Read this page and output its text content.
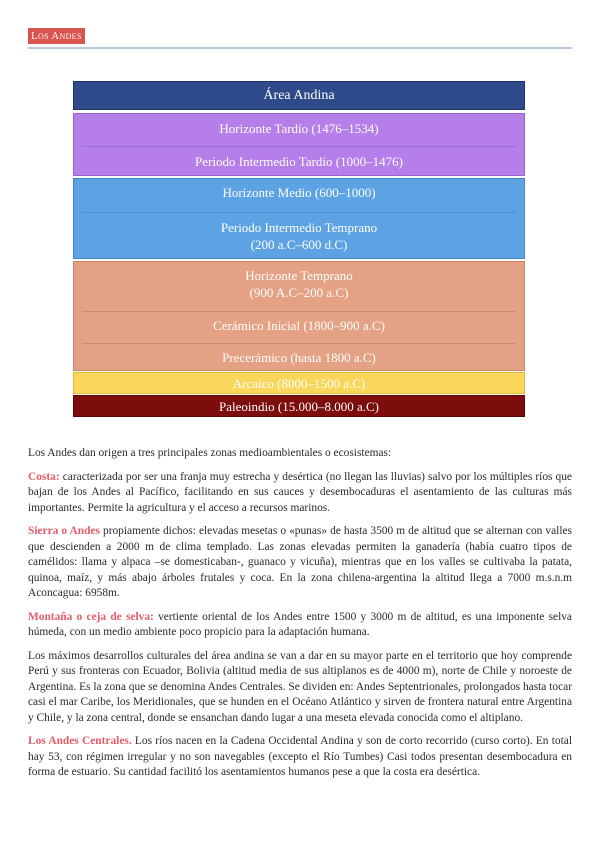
Los Andes
Área Andina
Horizonte Tardío (1476–1534)
Periodo Intermedio Tardío (1000–1476)
Horizonte Medio (600–1000)
Periodo Intermedio Temprano
(200 a.C–600 d.C)
Horizonte Temprano
(900 A.C–200 a.C)
Cerámico Inicial (1800–900 a.C)
Precerámico (hasta 1800 a.C)
Arcaico (8000–1500 a.C)
Paleoindio (15.000–8.000 a.C)

Los Andes dan origen a tres principales zonas medioambientales o ecosistemas:

Costa: caracterizada por ser una franja muy estrecha y desértica (no llegan las lluvias) salvo por los múltiples ríos que bajan de los Andes al Pacífico, facilitando en sus cauces y desembocaduras el asentamiento de las culturas más importantes. Permite la agricultura y el acceso a recursos marinos.

Sierra o Andes propiamente dichos: elevadas mesetas o «punas» de hasta 3500 m de altitud que se alternan con valles que descienden a 2000 m de clima templado. Las zonas elevadas permiten la ganadería (había cuatro tipos de camélidos: llama y alpaca –se domesticaban-, guanaco y vicuña), mientras que en los valles se cultivaba la patata, quinoa, maíz, y más abajo árboles frutales y coca. En la zona chilena-argentina la altitud llega a 7000 m.s.n.m Aconcagua: 6958m.

Montaña o ceja de selva: vertiente oriental de los Andes entre 1500 y 3000 m de altitud, es una imponente selva húmeda, con un medio ambiente poco propicio para la adaptación humana.

Los máximos desarrollos culturales del área andina se van a dar en su mayor parte en el territorio que hoy comprende Perú y sus fronteras con Ecuador, Bolivia (altitud media de sus altiplanos es de 4000 m), norte de Chile y noroeste de Argentina. Es la zona que se denomina Andes Centrales. Se dividen en: Andes Septentrionales, prolongados hasta tocar casi el mar Caribe, los Meridionales, que se hunden en el Océano Atlántico y sirven de frontera natural entre Argentina y Chile, y la zona central, donde se ensanchan dando lugar a una meseta elevada conocida como el altiplano.

Los Andes Centrales. Los ríos nacen en la Cadena Occidental Andina y son de corto recorrido (curso corto). En total hay 53, con régimen irregular y no son navegables (excepto el Río Tumbes) Casi todos presentan desembocadura en forma de estuario. Su cantidad facilitó los asentamientos humanos pese a que la costa era desértica.
